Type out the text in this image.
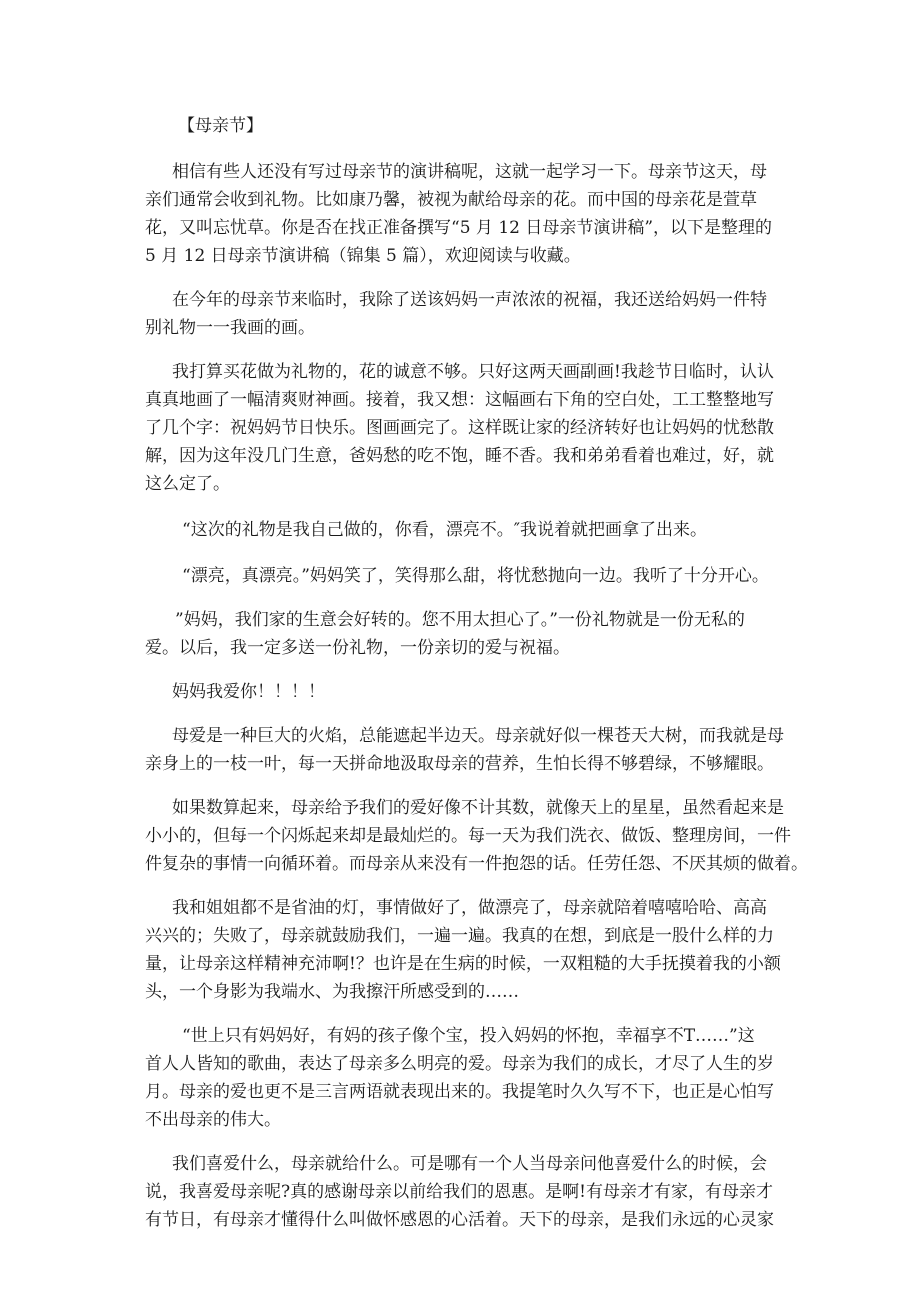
【母亲节】
相信有些人还没有写过母亲节的演讲稿呢，这就一起学习一下。母亲节这天，母
亲们通常会收到礼物。比如康乃馨，被视为献给母亲的花。而中国的母亲花是萱草
花，又叫忘忧草。你是否在找正准备撰写“5 月 12 日母亲节演讲稿”，以下是整理的
5 月 12 日母亲节演讲稿（锦集 5 篇），欢迎阅读与收藏。
在今年的母亲节来临时，我除了送该妈妈一声浓浓的祝福，我还送给妈妈一件特
别礼物一一我画的画。
我打算买花做为礼物的，花的诚意不够。只好这两天画副画!我趁节日临时，认认
真真地画了一幅清爽财神画。接着，我又想：这幅画右下角的空白处，工工整整地写
了几个字：祝妈妈节日快乐。图画画完了。这样既让家的经济转好也让妈妈的忧愁散
解，因为这年没几门生意，爸妈愁的吃不饱，睡不香。我和弟弟看着也难过，好，就
这么定了。
“这次的礼物是我自己做的，你看，漂亮不。″我说着就把画拿了出来。
“漂亮，真漂亮。”妈妈笑了，笑得那么甜，将忧愁抛向一边。我听了十分开心。
”妈妈，我们家的生意会好转的。您不用太担心了。”一份礼物就是一份无私的
爱。以后，我一定多送一份礼物，一份亲切的爱与祝福。
妈妈我爱你！！！！
母爱是一种巨大的火焰，总能遮起半边天。母亲就好似一棵苍天大树，而我就是母
亲身上的一枝一叶，每一天拼命地汲取母亲的营养，生怕长得不够碧绿，不够耀眼。
如果数算起来，母亲给予我们的爱好像不计其数，就像天上的星星，虽然看起来是
小小的，但每一个闪烁起来却是最灿烂的。每一天为我们洗衣、做饭、整理房间，一件
件复杂的事情一向循环着。而母亲从来没有一件抱怨的话。任劳任怨、不厌其烦的做着。
我和姐姐都不是省油的灯，事情做好了，做漂亮了，母亲就陪着嘻嘻哈哈、高高
兴兴的；失败了，母亲就鼓励我们，一遍一遍。我真的在想，到底是一股什么样的力
量，让母亲这样精神充沛啊!？也许是在生病的时候，一双粗糙的大手抚摸着我的小额
头，一个身影为我端水、为我擦汗所感受到的……
“世上只有妈妈好，有妈的孩子像个宝，投入妈妈的怀抱，幸福享不T……”这
首人人皆知的歌曲，表达了母亲多么明亮的爱。母亲为我们的成长，才尽了人生的岁
月。母亲的爱也更不是三言两语就表现出来的。我提笔时久久写不下，也正是心怕写
不出母亲的伟大。
我们喜爱什么，母亲就给什么。可是哪有一个人当母亲问他喜爱什么的时候，会
说，我喜爱母亲呢?真的感谢母亲以前给我们的恩惠。是啊!有母亲才有家，有母亲才
有节日，有母亲才懂得什么叫做怀感恩的心活着。天下的母亲，是我们永远的心灵家
